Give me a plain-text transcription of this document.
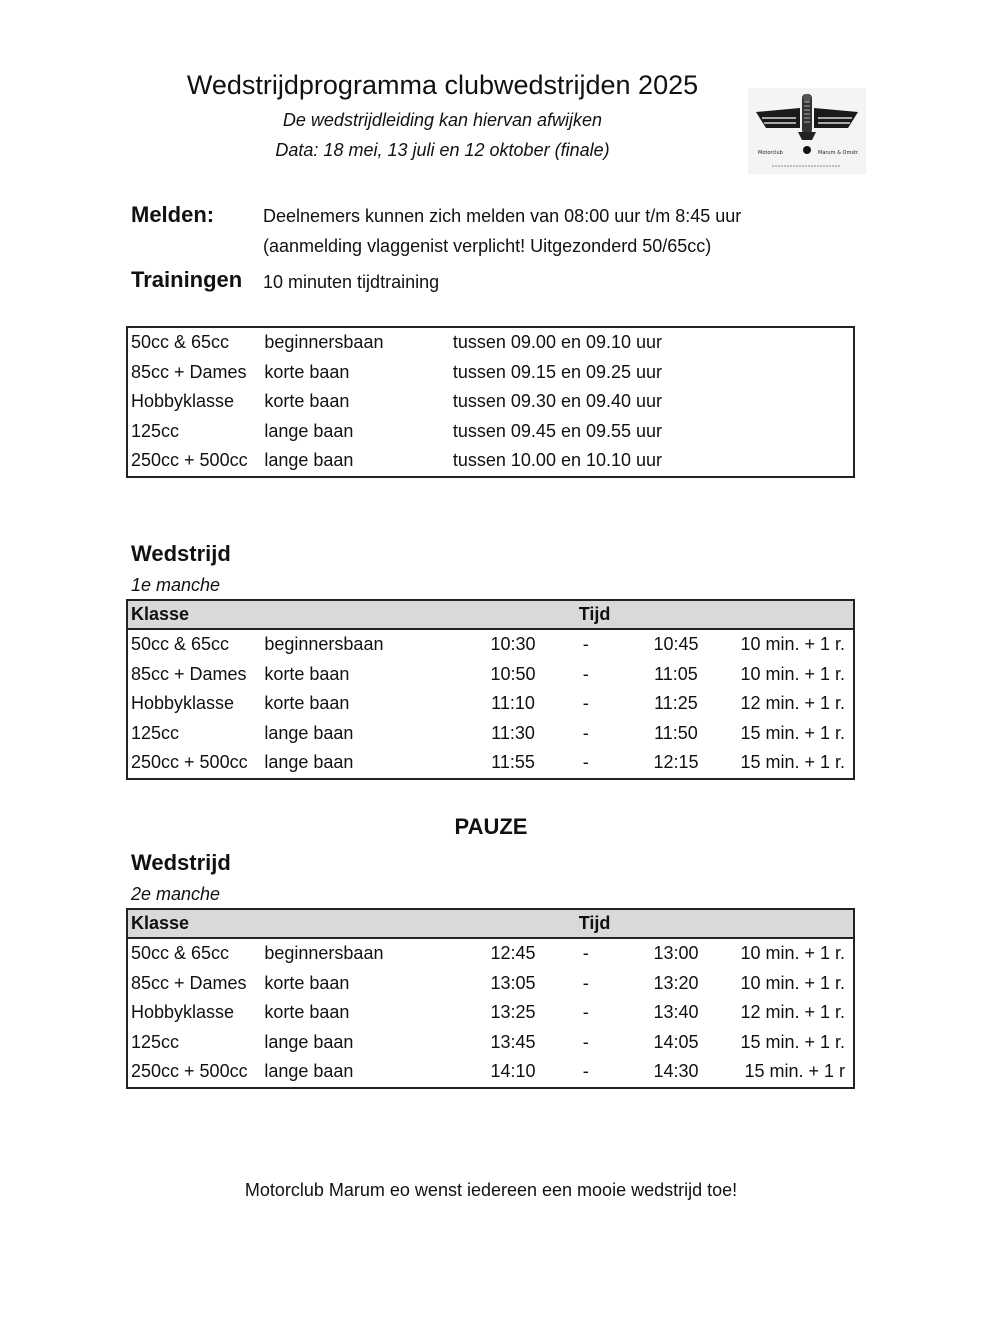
Wedstrijdprogramma clubwedstrijden 2025
De wedstrijdleiding kan hiervan afwijken
Data: 18 mei, 13 juli en 12 oktober (finale)	Motorclub	Marum & Omstr.
Melden:	Deelnemers kunnen zich melden van 08:00 uur t/m 8:45 uur
(aanmelding vlaggenist verplicht! Uitgezonderd 50/65cc)
Trainingen 10 minuten tijdtraining
50cc & 65cc	beginnersbaan	tussen 09.00 en 09.10 uur
85cc + Dames	korte baan	tussen 09.15 en 09.25 uur
Hobbyklasse	korte baan	tussen 09.30 en 09.40 uur
125cc	lange baan	tussen 09.45 en 09.55 uur
250cc + 500cc	lange baan	tussen 10.00 en 10.10 uur
Wedstrijd
1e manche
Klasse		Tijd			
50cc & 65cc	beginnersbaan	10:30	-	10:45	10 min. + 1 r.
85cc + Dames	korte baan	10:50	-	11:05	10 min. + 1 r.
Hobbyklasse	korte baan	11:10	-	11:25	12 min. + 1 r.
125cc	lange baan	11:30	-	11:50	15 min. + 1 r.
250cc + 500cc	lange baan	11:55	-	12:15	15 min. + 1 r.
PAUZE
Wedstrijd
2e manche
Klasse		Tijd			
50cc & 65cc	beginnersbaan	12:45	-	13:00	10 min. + 1 r.
85cc + Dames	korte baan	13:05	-	13:20	10 min. + 1 r.
Hobbyklasse	korte baan	13:25	-	13:40	12 min. + 1 r.
125cc	lange baan	13:45	-	14:05	15 min. + 1 r.
250cc + 500cc	lange baan	14:10	-	14:30	15 min. + 1 r
Motorclub Marum eo wenst iedereen een mooie wedstrijd toe!
